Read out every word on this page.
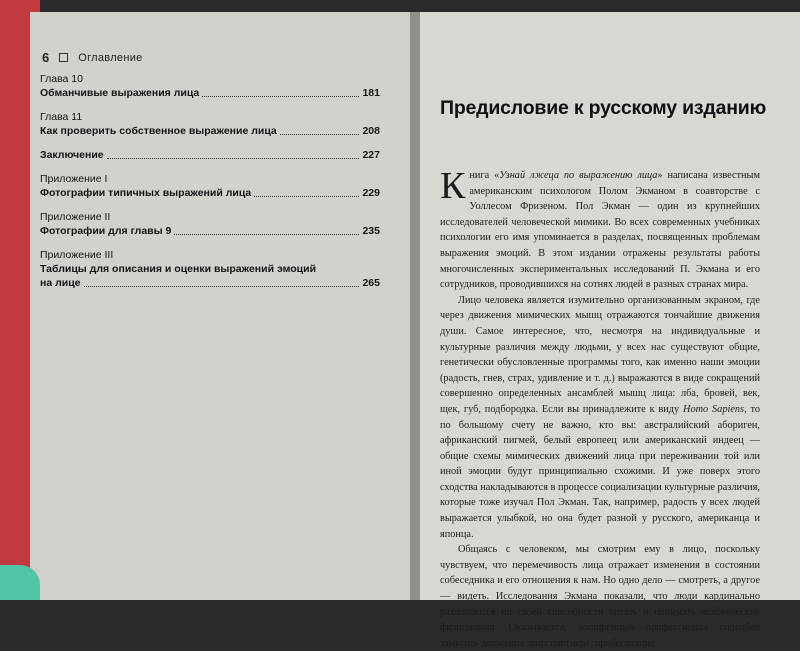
6	Оглавление
Глава 10
Обманчивые выражения лица	181
Глава 11
Как проверить собственное выражение лица	208
Заключение	227
Приложение I
Фотографии типичных выражений лица	229
Приложение II
Фотографии для главы 9	235
Приложение III
Таблицы для описания и оценки выражений эмоций
на лице	265
Предисловие к русскому изданию

Книга «Узнай лжеца по выражению лица» написана известным американским психологом Полом Экманом в соавторстве с Уоллесом Фризеном. Пол Экман — один из крупнейших исследователей человеческой мимики. Во всех современных учебниках психологии его имя упоминается в разделах, посвященных проблемам выражения эмоций. В этом издании отражены результаты работы многочисленных экспериментальных исследований П. Экмана и его сотрудников, проводившихся на сотнях людей в разных странах мира.

Лицо человека является изумительно организованным экраном, где через движения мимических мышц отражаются тончайшие движения души. Самое интересное, что, несмотря на индивидуальные и культурные различия между людьми, у всех нас существуют общие, генетически обусловленные программы того, как именно наши эмоции (радость, гнев, страх, удивление и т. д.) выражаются в виде сокращений совершенно определенных ансамблей мышц лица: лба, бровей, век, щек, губ, подбородка. Если вы принадлежите к виду Homo Sapiens, то по большому счету не важно, кто вы: австралийский абориген, африканский пигмей, белый европеец или американский индеец — общие схемы мимических движений лица при переживании той или иной эмоции будут принципиально схожими. И уже поверх этого сходства накладываются в процессе социализации культурные различия, которые тоже изучал Пол Экман. Так, например, радость у всех людей выражается улыбкой, но она будет разной у русского, американца и японца.

Общаясь с человеком, мы смотрим ему в лицо, поскольку чувствуем, что перемечивость лица отражает изменения в состоянии собеседника и его отношения к нам. Но одно дело — смотреть, а другое — видеть. Исследования Экмана показали, что люди кардинально различаются по своей способности читать и понимать человеческие физиономии. Оказывается, изощренный профессионал способен заметить движения лица партнера, пробегающие
